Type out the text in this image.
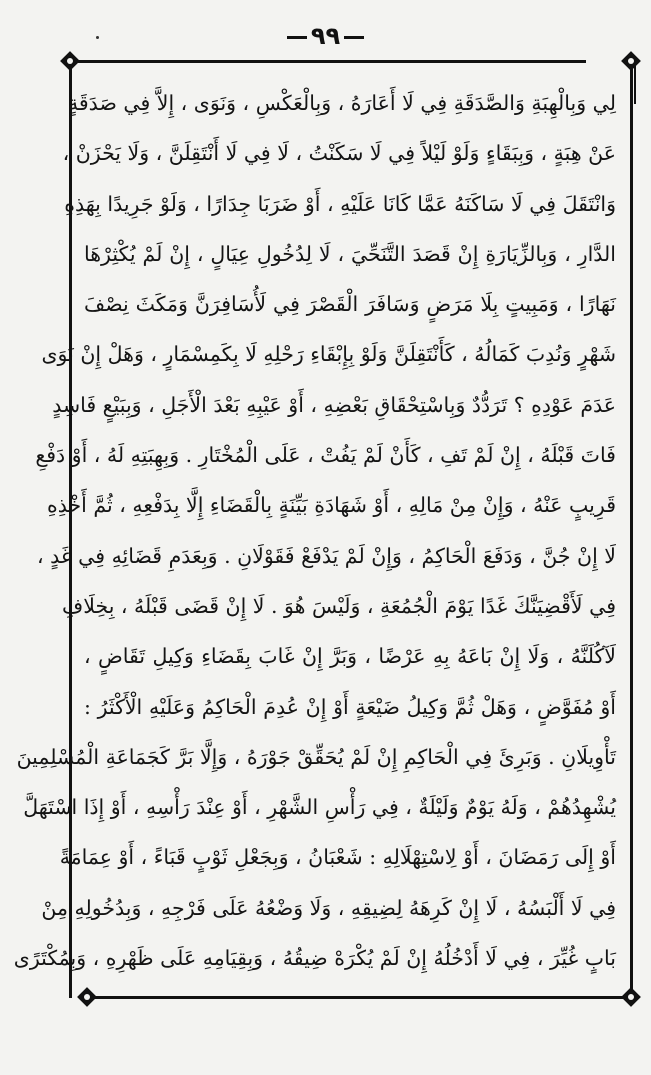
٩٩
لِي وَبِالْهِبَةِ وَالصَّدَقَةِ فِي لَا أَعَارَهُ ، وَبِالْعَكْسِ ، وَنَوَى ، إِلاَّ فِي صَدَقَةٍ
عَنْ هِبَةٍ ، وَبِبَقَاءٍ وَلَوْ لَيْلاً فِي لَا سَكَنْتُ ، لَا فِي لَا أَنْتَقِلَنَّ ، وَلَا يَحْزَنْ ،
وَانْتَقَلَ فِي لَا سَاكَنَهُ عَمَّا كَانَا عَلَيْهِ ، أَوْ ضَرَبَا جِدَارًا ، وَلَوْ جَرِيدًا بِهَذِهِ
الدَّارِ ، وَبِالزِّيَارَةِ إِنْ قَصَدَ التَّنَحِّيَ ، لَا لِدُخُولِ عِيَالٍ ، إِنْ لَمْ يُكْثِرْهَا
نَهَارًا ، وَمَبِيتٍ بِلَا مَرَضٍ وَسَافَرَ الْقَصْرَ فِي لَأُسَافِرَنَّ وَمَكَثَ نِصْفَ
شَهْرٍ وَنُدِبَ كَمَالُهُ ، كَأَنْتَقِلَنَّ وَلَوْ بِإِبْقَاءِ رَحْلِهِ لَا بِكَمِسْمَارٍ ، وَهَلْ إِنْ نَوَى
عَدَمَ عَوْدِهِ ؟ تَرَدُّدٌ وَبِاسْتِحْقَاقِ بَعْضِهِ ، أَوْ عَيْبِهِ بَعْدَ الْأَجَلِ ، وَبِبَيْعٍ فَاسِدٍ
فَاتَ قَبْلَهُ ، إِنْ لَمْ تَفِ ، كَأَنْ لَمْ يَفُتْ ، عَلَى الْمُخْتَارِ . وَبِهِبَتِهِ لَهُ ، أَوْ دَفْعِ
قَرِيبٍ عَنْهُ ، وَإِنْ مِنْ مَالِهِ ، أَوْ شَهَادَةِ بَيِّنَةٍ بِالْقَضَاءِ إِلَّا بِدَفْعِهِ ، ثُمَّ أَخْذِهِ
لَا إِنْ جُنَّ ، وَدَفَعَ الْحَاكِمُ ، وَإِنْ لَمْ يَدْفَعْ فَقَوْلَانِ . وَبِعَدَمِ قَضَائِهِ فِي غَدٍ ،
فِي لَأَقْضِيَنَّكَ غَدًا يَوْمَ الْجُمُعَةِ ، وَلَيْسَ هُوَ . لَا إِنْ قَضَى قَبْلَهُ ، بِخِلَافِ
لَآكُلَنَّهُ ، وَلَا إِنْ بَاعَهُ بِهِ عَرْضًا ، وَبَرَّ إِنْ غَابَ بِقَضَاءِ وَكِيلِ تَقَاضٍ ،
أَوْ مُفَوَّضٍ ، وَهَلْ ثُمَّ وَكِيلُ ضَيْعَةٍ أَوْ إِنْ عُدِمَ الْحَاكِمُ وَعَلَيْهِ الْأَكْثَرُ :
تَأْوِيلَانِ . وَبَرِئَ فِي الْحَاكِمِ إِنْ لَمْ يُحَقِّقْ جَوْرَهُ ، وَإِلَّا بَرَّ كَجَمَاعَةِ الْمُسْلِمِينَ
يُشْهِدُهُمْ ، وَلَهُ يَوْمٌ وَلَيْلَةٌ ، فِي رَأْسِ الشَّهْرِ ، أَوْ عِنْدَ رَأْسِهِ ، أَوْ إِذَا اسْتَهَلَّ
أَوْ إِلَى رَمَضَانَ ، أَوْ لِاسْتِهْلَالِهِ : شَعْبَانُ ، وَبِجَعْلِ ثَوْبٍ قَبَاءً ، أَوْ عِمَامَةً
فِي لَا أَلْبَسُهُ ، لَا إِنْ كَرِهَهُ لِضِيقِهِ ، وَلَا وَضْعُهُ عَلَى فَرْجِهِ ، وَبِدُخُولِهِ مِنْ
بَابٍ غُيِّرَ ، فِي لَا أَدْخُلُهُ إِنْ لَمْ يُكْرَهْ ضِيقُهُ ، وَبِقِيَامِهِ عَلَى ظَهْرِهِ ، وَبِمُكْتَرًى
